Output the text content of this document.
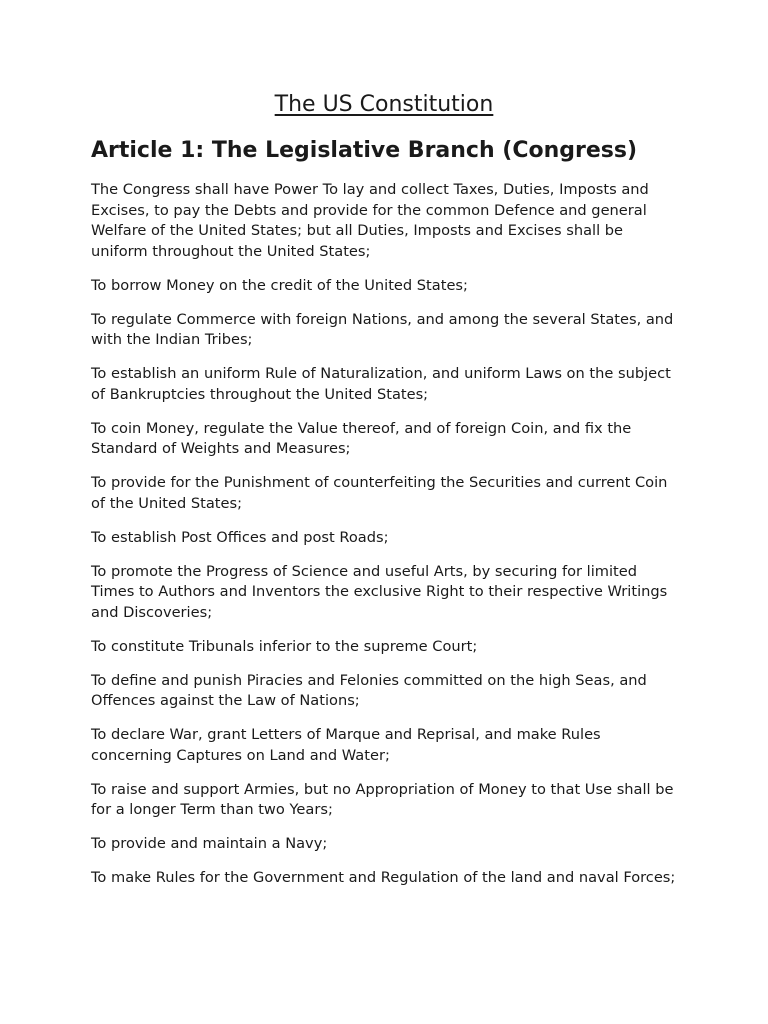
The US Constitution
Article 1: The Legislative Branch (Congress)
The Congress shall have Power To lay and collect Taxes, Duties, Imposts and Excises, to pay the Debts and provide for the common Defence and general Welfare of the United States; but all Duties, Imposts and Excises shall be uniform throughout the United States;
To borrow Money on the credit of the United States;
To regulate Commerce with foreign Nations, and among the several States, and with the Indian Tribes;
To establish an uniform Rule of Naturalization, and uniform Laws on the subject of Bankruptcies throughout the United States;
To coin Money, regulate the Value thereof, and of foreign Coin, and fix the Standard of Weights and Measures;
To provide for the Punishment of counterfeiting the Securities and current Coin of the United States;
To establish Post Offices and post Roads;
To promote the Progress of Science and useful Arts, by securing for limited Times to Authors and Inventors the exclusive Right to their respective Writings and Discoveries;
To constitute Tribunals inferior to the supreme Court;
To define and punish Piracies and Felonies committed on the high Seas, and Offences against the Law of Nations;
To declare War, grant Letters of Marque and Reprisal, and make Rules concerning Captures on Land and Water;
To raise and support Armies, but no Appropriation of Money to that Use shall be for a longer Term than two Years;
To provide and maintain a Navy;
To make Rules for the Government and Regulation of the land and naval Forces;
